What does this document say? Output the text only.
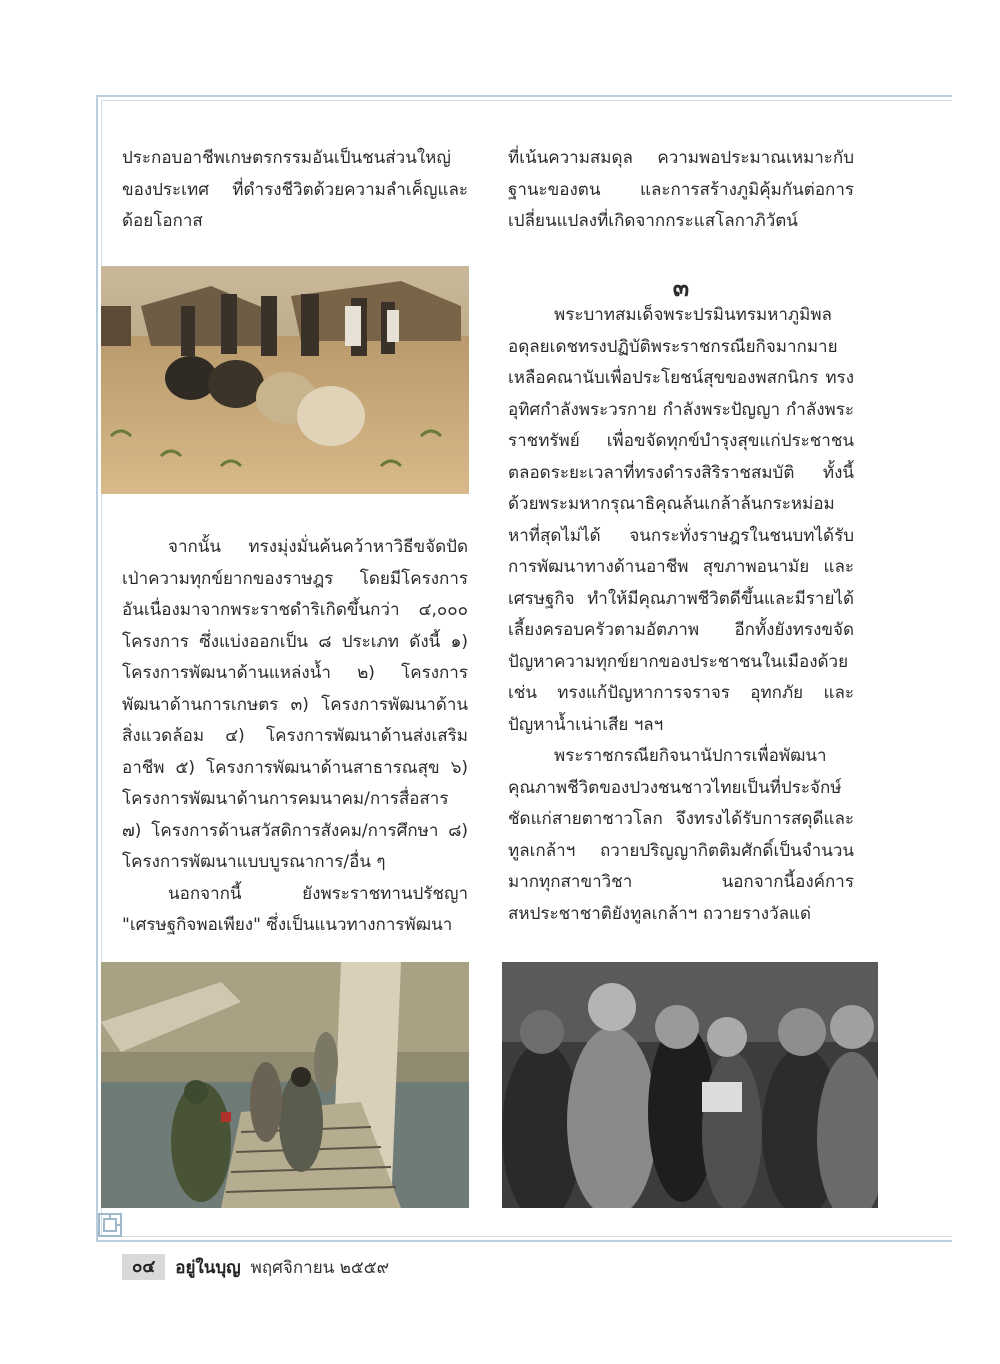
ประกอบอาชีพเกษตรกรรมอันเป็นชนส่วนใหญ่ของประเทศ ที่ดำรงชีวิตด้วยความลำเค็ญและด้อยโอกาส

จากนั้น ทรงมุ่งมั่นค้นคว้าหาวิธีขจัดปัดเป่าความทุกข์ยากของราษฎร โดยมีโครงการอันเนื่องมาจากพระราชดำริเกิดขึ้นกว่า ๔,๐๐๐ โครงการ ซึ่งแบ่งออกเป็น ๘ ประเภท ดังนี้ ๑) โครงการพัฒนาด้านแหล่งน้ำ ๒) โครงการพัฒนาด้านการเกษตร ๓) โครงการพัฒนาด้านสิ่งแวดล้อม ๔) โครงการพัฒนาด้านส่งเสริมอาชีพ ๕) โครงการพัฒนาด้านสาธารณสุข ๖) โครงการพัฒนาด้านการคมนาคม/การสื่อสาร ๗) โครงการด้านสวัสดิการสังคม/การศึกษา ๘) โครงการพัฒนาแบบบูรณาการ/อื่น ๆ

นอกจากนี้ ยังพระราชทานปรัชญา "เศรษฐกิจพอเพียง" ซึ่งเป็นแนวทางการพัฒนา

ที่เน้นความสมดุล ความพอประมาณเหมาะกับฐานะของตน และการสร้างภูมิคุ้มกันต่อการเปลี่ยนแปลงที่เกิดจากกระแสโลกาภิวัตน์

๓

พระบาทสมเด็จพระปรมินทรมหาภูมิพลอดุลยเดชทรงปฏิบัติพระราชกรณียกิจมากมายเหลือคณานับเพื่อประโยชน์สุขของพสกนิกร ทรงอุทิศกำลังพระวรกาย กำลังพระปัญญา กำลังพระราชทรัพย์ เพื่อขจัดทุกข์บำรุงสุขแก่ประชาชนตลอดระยะเวลาที่ทรงดำรงสิริราชสมบัติ ทั้งนี้ด้วยพระมหากรุณาธิคุณล้นเกล้าล้นกระหม่อมหาที่สุดไม่ได้ จนกระทั่งราษฎรในชนบทได้รับการพัฒนาทางด้านอาชีพ สุขภาพอนามัย และเศรษฐกิจ ทำให้มีคุณภาพชีวิตดีขึ้นและมีรายได้เลี้ยงครอบครัวตามอัตภาพ อีกทั้งยังทรงขจัดปัญหาความทุกข์ยากของประชาชนในเมืองด้วย เช่น ทรงแก้ปัญหาการจราจร อุทกภัย และปัญหาน้ำเน่าเสีย ฯลฯ

พระราชกรณียกิจนานัปการเพื่อพัฒนาคุณภาพชีวิตของปวงชนชาวไทยเป็นที่ประจักษ์ชัดแก่สายตาชาวโลก จึงทรงได้รับการสดุดีและทูลเกล้าฯ ถวายปริญญากิตติมศักดิ์เป็นจำนวนมากทุกสาขาวิชา นอกจากนี้องค์การสหประชาชาติยังทูลเกล้าฯ ถวายรางวัลแด่

๐๔	อยู่ในบุญ พฤศจิกายน ๒๕๕๙
